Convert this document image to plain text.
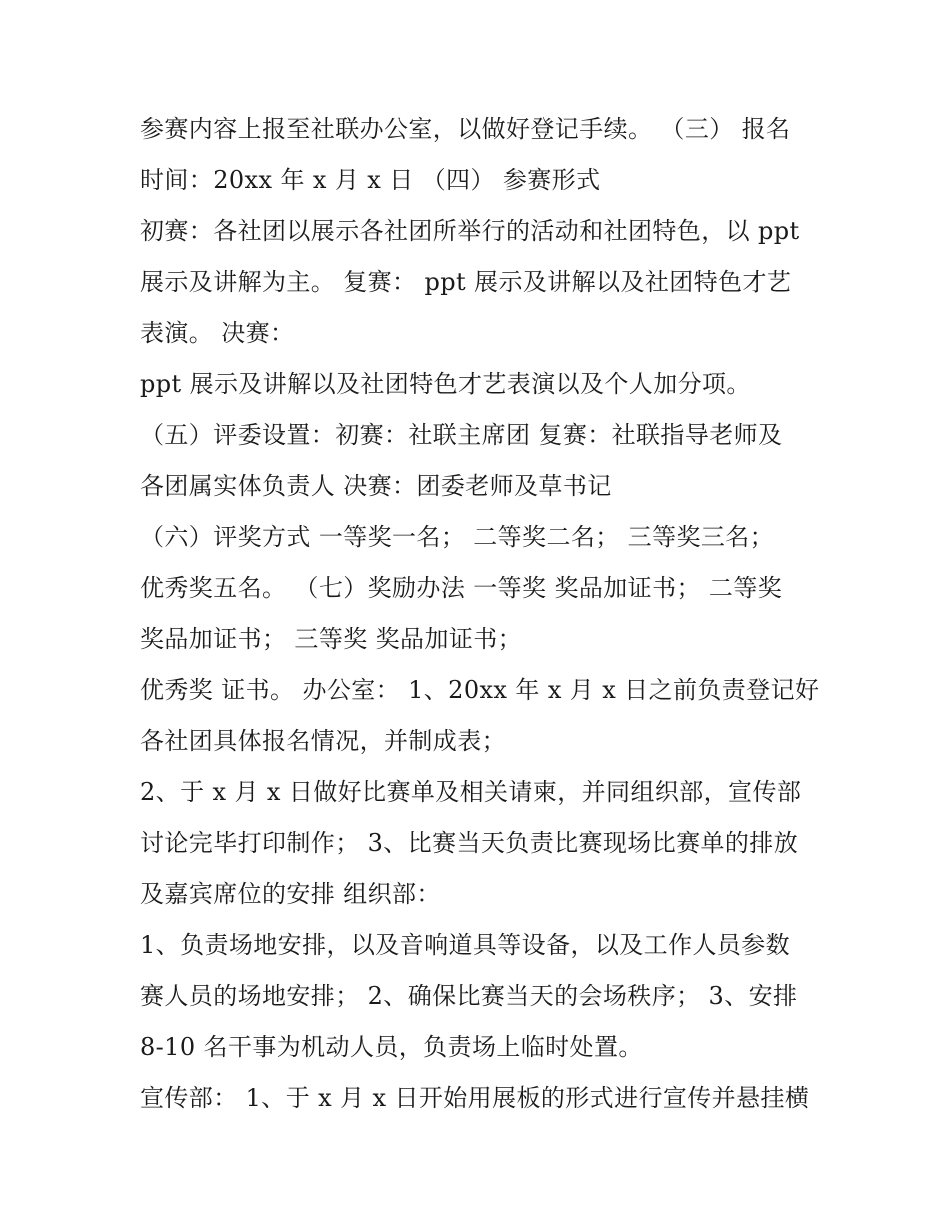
参赛内容上报至社联办公室，以做好登记手续。 （三） 报名
时间：20xx 年 x 月 x 日 （四） 参赛形式
初赛：各社团以展示各社团所举行的活动和社团特色，以 ppt
展示及讲解为主。 复赛： ppt 展示及讲解以及社团特色才艺
表演。 决赛：
ppt 展示及讲解以及社团特色才艺表演以及个人加分项。
（五）评委设置：初赛：社联主席团 复赛：社联指导老师及
各团属实体负责人 决赛：团委老师及草书记
（六）评奖方式 一等奖一名； 二等奖二名； 三等奖三名；
优秀奖五名。 （七）奖励办法 一等奖 奖品加证书； 二等奖
奖品加证书； 三等奖 奖品加证书；
优秀奖 证书。 办公室： 1、20xx 年 x 月 x 日之前负责登记好
各社团具体报名情况，并制成表；
2、于 x 月 x 日做好比赛单及相关请柬，并同组织部，宣传部
讨论完毕打印制作； 3、比赛当天负责比赛现场比赛单的排放
及嘉宾席位的安排 组织部：
1、负责场地安排，以及音响道具等设备，以及工作人员参数
赛人员的场地安排； 2、确保比赛当天的会场秩序； 3、安排
8-10 名干事为机动人员，负责场上临时处置。
宣传部： 1、于 x 月 x 日开始用展板的形式进行宣传并悬挂横
